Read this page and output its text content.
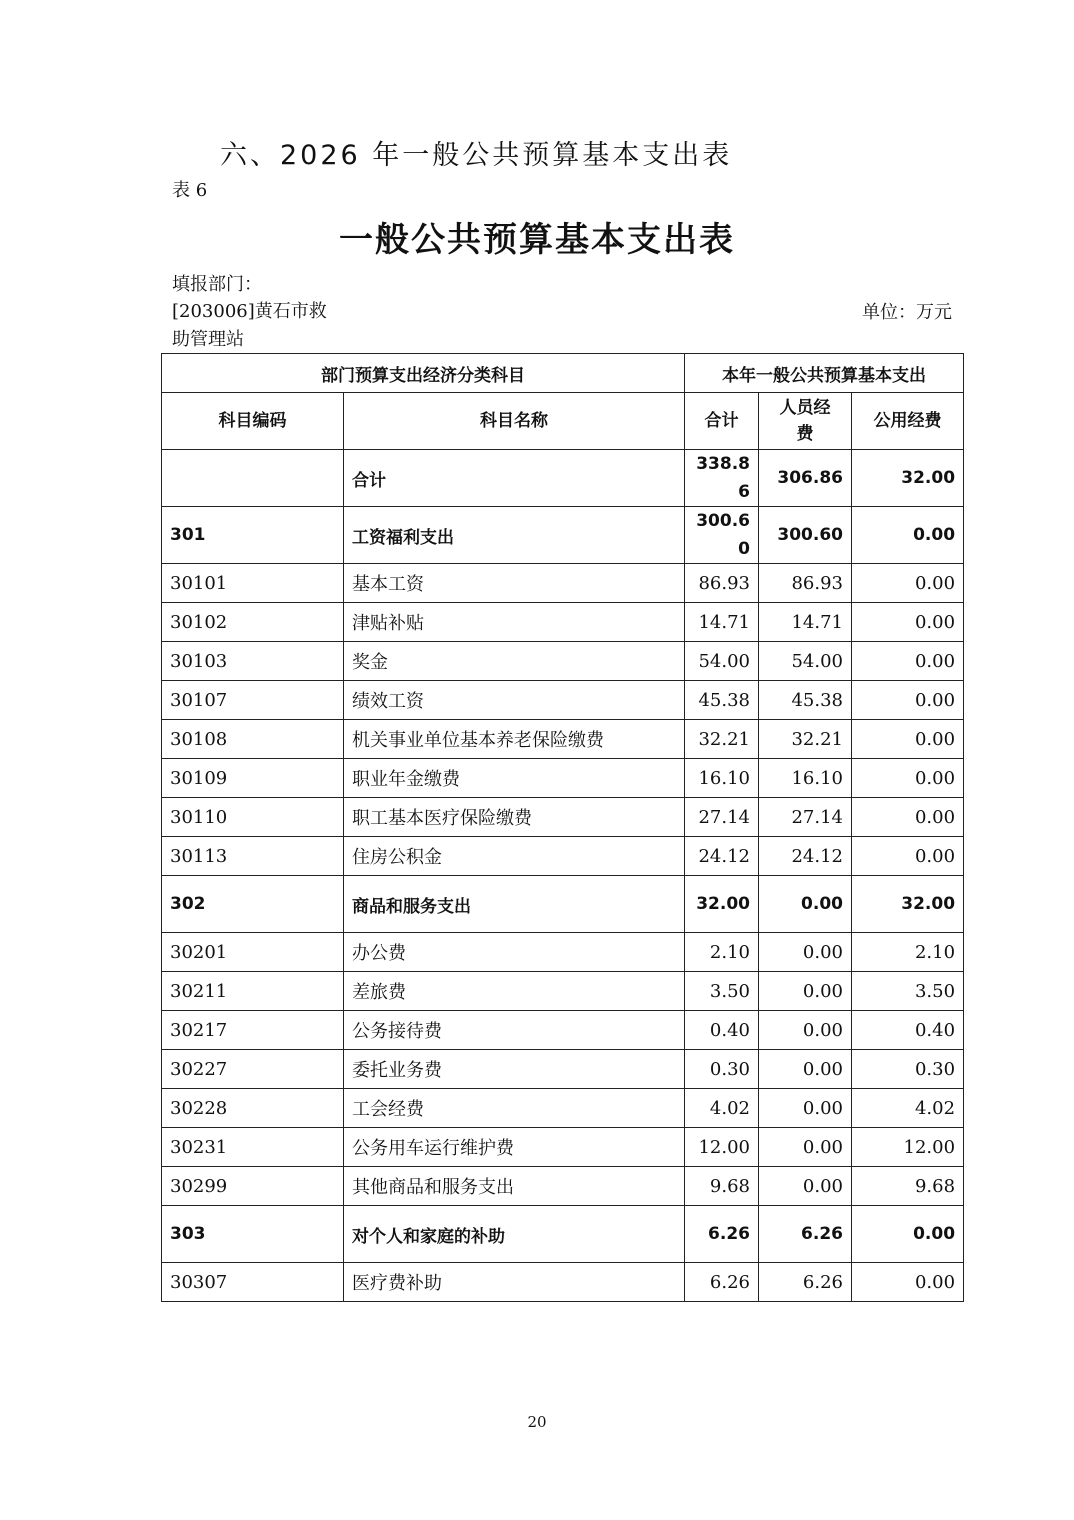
六、2026 年一般公共预算基本支出表
表 6
一般公共预算基本支出表
填报部门：
[203006]黄石市救助管理站
单位：万元
部门预算支出经济分类科目		本年一般公共预算基本支出		
科目编码	科目名称	合计	人员经费	公用经费
	合计	338.86	306.86	32.00
301	工资福利支出	300.60	300.60	0.00
30101	基本工资	86.93	86.93	0.00
30102	津贴补贴	14.71	14.71	0.00
30103	奖金	54.00	54.00	0.00
30107	绩效工资	45.38	45.38	0.00
30108	机关事业单位基本养老保险缴费	32.21	32.21	0.00
30109	职业年金缴费	16.10	16.10	0.00
30110	职工基本医疗保险缴费	27.14	27.14	0.00
30113	住房公积金	24.12	24.12	0.00
302	商品和服务支出	32.00	0.00	32.00
30201	办公费	2.10	0.00	2.10
30211	差旅费	3.50	0.00	3.50
30217	公务接待费	0.40	0.00	0.40
30227	委托业务费	0.30	0.00	0.30
30228	工会经费	4.02	0.00	4.02
30231	公务用车运行维护费	12.00	0.00	12.00
30299	其他商品和服务支出	9.68	0.00	9.68
303	对个人和家庭的补助	6.26	6.26	0.00
30307	医疗费补助	6.26	6.26	0.00
20
